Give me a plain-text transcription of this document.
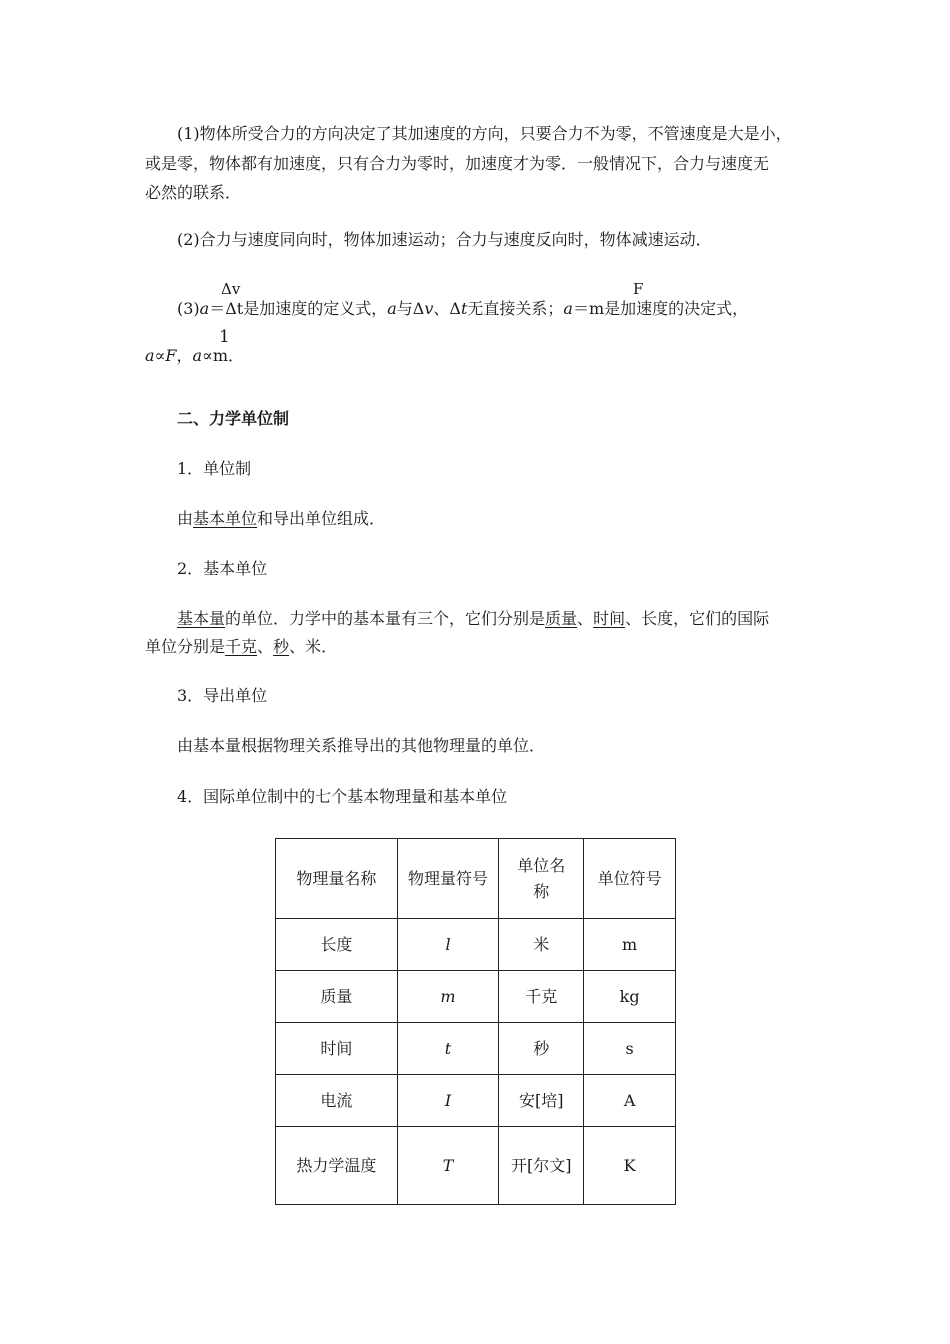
(1)物体所受合力的方向决定了其加速度的方向，只要合力不为零，不管速度是大是小，
或是零，物体都有加速度，只有合力为零时，加速度才为零．一般情况下，合力与速度无
必然的联系．
(2)合力与速度同向时，物体加速运动；合力与速度反向时，物体减速运动．
Δv	F
(3)a＝Δt是加速度的定义式，a与Δv、Δt无直接关系；a＝m是加速度的决定式，
1
a∝F，a∝m．
二、力学单位制
1．单位制
由基本单位和导出单位组成．
2．基本单位
基本量的单位．力学中的基本量有三个，它们分别是质量、时间、长度，它们的国际
单位分别是千克、秒、米．
3．导出单位
由基本量根据物理关系推导出的其他物理量的单位．
4．国际单位制中的七个基本物理量和基本单位
物理量名称	物理量符号	单位名称	单位符号
长度	l	米	m
质量	m	千克	kg
时间	t	秒	s
电流	I	安[培]	A
热力学温度	T	开[尔文]	K
